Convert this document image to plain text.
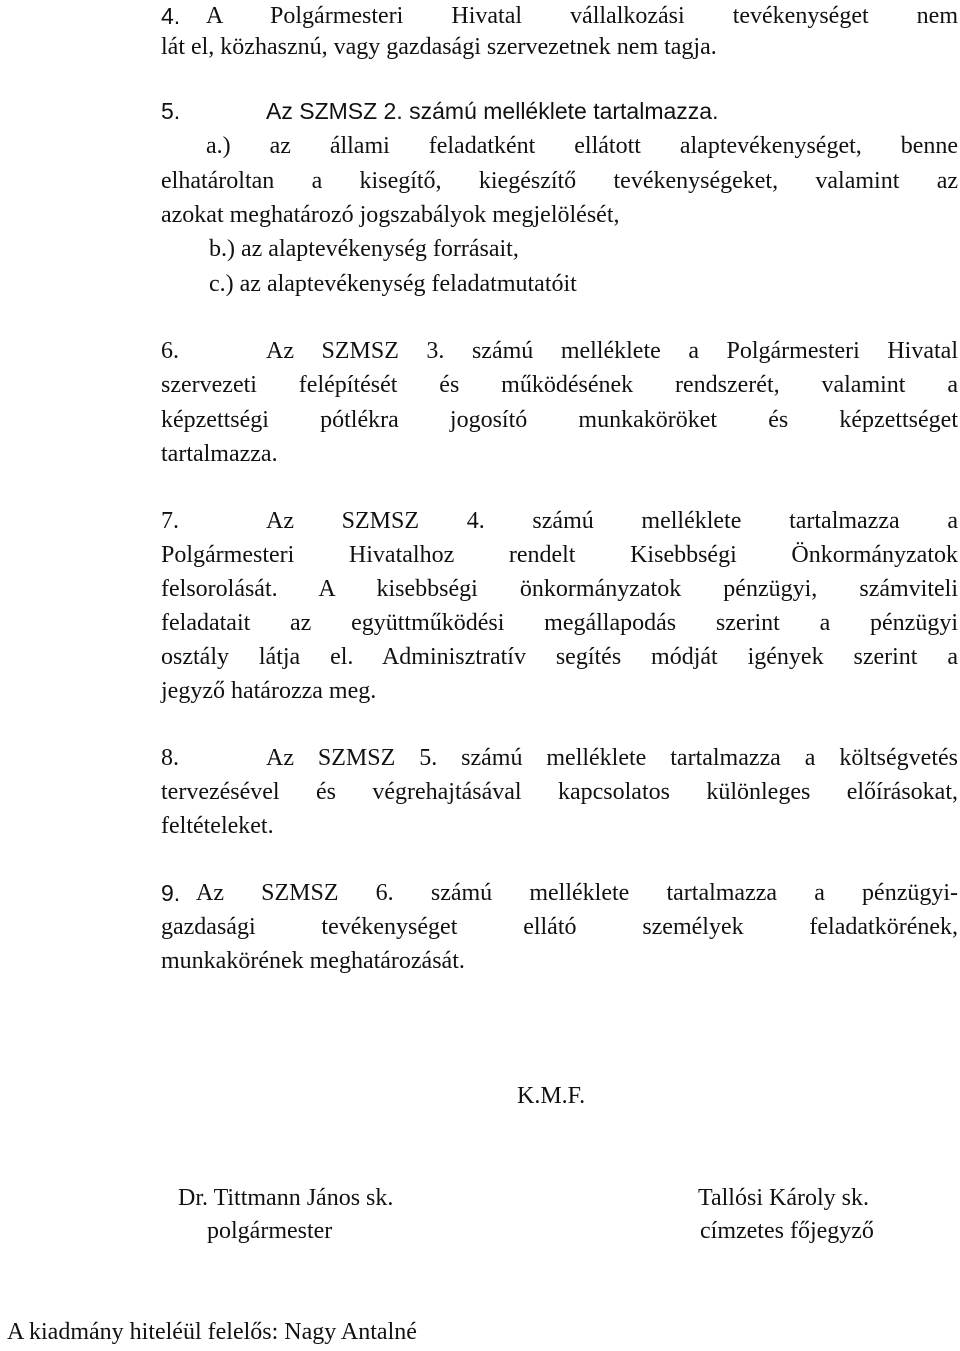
4. A Polgármesteri Hivatal vállalkozási tevékenységet nem
lát el, közhasznú, vagy gazdasági szervezetnek nem tagja.
5.	Az SZMSZ 2. számú melléklete tartalmazza.
a.) az állami feladatként ellátott alaptevékenységet, benne
elhatároltan a kisegítő, kiegészítő tevékenységeket, valamint az
azokat meghatározó jogszabályok megjelölését,
b.) az alaptevékenység forrásait,
c.) az alaptevékenység feladatmutatóit
6.	Az SZMSZ 3. számú melléklete a Polgármesteri Hivatal
szervezeti felépítését és működésének rendszerét, valamint a
képzettségi pótlékra jogosító munkaköröket és képzettséget
tartalmazza.
7.	Az SZMSZ 4. számú melléklete tartalmazza a
Polgármesteri Hivatalhoz rendelt Kisebbségi Önkormányzatok
felsorolását. A kisebbségi önkormányzatok pénzügyi, számviteli
feladatait az együttműködési megállapodás szerint a pénzügyi
osztály látja el. Adminisztratív segítés módját igények szerint a
jegyző határozza meg.
8.	Az SZMSZ 5. számú melléklete tartalmazza a költségvetés
tervezésével és végrehajtásával kapcsolatos különleges előírásokat,
feltételeket.
9. Az SZMSZ 6. számú melléklete tartalmazza a pénzügyi-
gazdasági tevékenységet ellátó személyek feladatkörének,
munkakörének meghatározását.
K.M.F.
Dr. Tittmann János sk.
polgármester
Tallósi Károly sk.
címzetes főjegyző
A kiadmány hiteléül felelős: Nagy Antalné
